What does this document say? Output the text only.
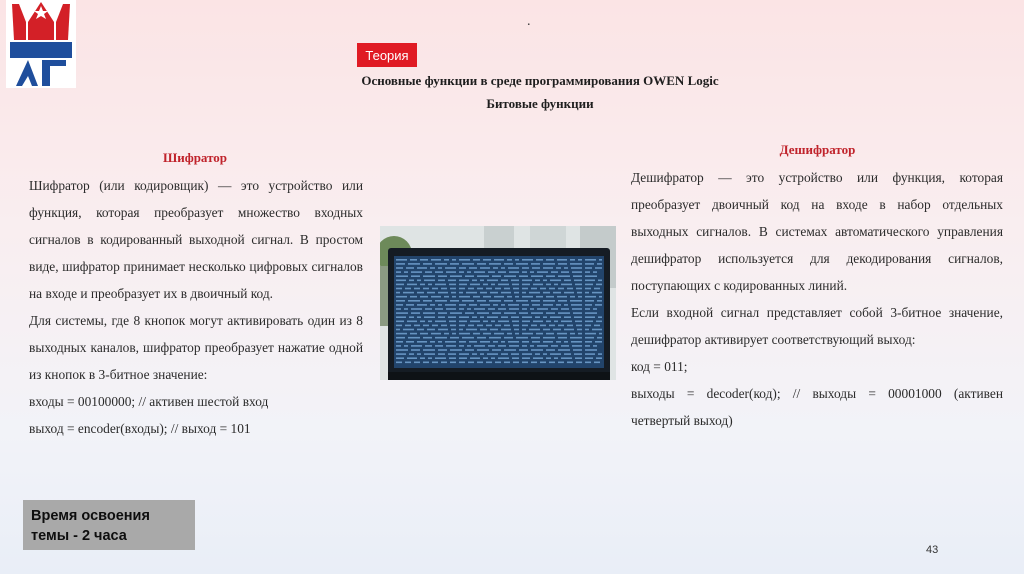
.
Теория
Основные функции в среде программирования OWEN Logic
Битовые функции
Шифратор

Шифратор (или кодировщик) — это устройство или функция, которая преобразует множество входных сигналов в кодированный выходной сигнал. В простом виде, шифратор принимает несколько цифровых сигналов на входе и преобразует их в двоичный код.

Для системы, где 8 кнопок могут активировать один из 8 выходных каналов, шифратор преобразует нажатие одной из кнопок в 3-битное значение:

входы = 00100000; // активен шестой вход

выход = encoder(входы); // выход = 101

Дешифратор

Дешифратор — это устройство или функция, которая преобразует двоичный код на входе в набор отдельных выходных сигналов. В системах автоматического управления дешифратор используется для декодирования сигналов, поступающих с кодированных линий.

Если входной сигнал представляет собой 3-битное значение, дешифратор активирует соответствующий выход:

код = 011;

выходы = decoder(код); // выходы = 00001000 (активен четвертый выход)

Время освоения темы - 2 часа
43
